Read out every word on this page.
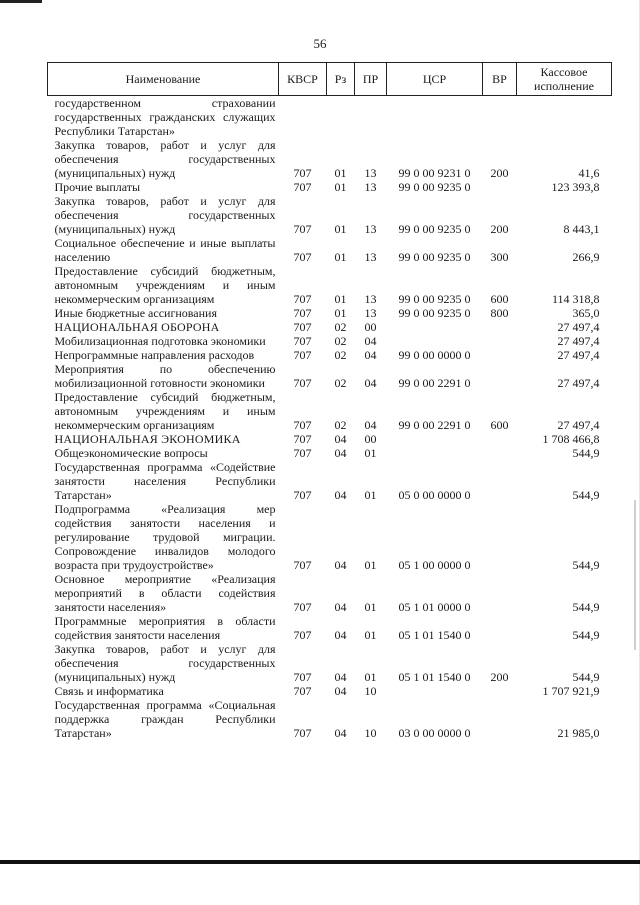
56
Наименование	КВСР	Рз	ПР	ЦСР	ВР	Кассовое исполнение
государственном страховании государственных гражданских служащих Республики Татарстан»						
Закупка товаров, работ и услуг для обеспечения государственных (муниципальных) нужд	707	01	13	99 0 00 9231 0	200	41,6
Прочие выплаты	707	01	13	99 0 00 9235 0		123 393,8
Закупка товаров, работ и услуг для обеспечения государственных (муниципальных) нужд	707	01	13	99 0 00 9235 0	200	8 443,1
Социальное обеспечение и иные выплаты населению	707	01	13	99 0 00 9235 0	300	266,9
Предоставление субсидий бюджетным, автономным учреждениям и иным некоммерческим организациям	707	01	13	99 0 00 9235 0	600	114 318,8
Иные бюджетные ассигнования	707	01	13	99 0 00 9235 0	800	365,0
НАЦИОНАЛЬНАЯ ОБОРОНА	707	02	00			27 497,4
Мобилизационная подготовка экономики	707	02	04			27 497,4
Непрограммные направления расходов	707	02	04	99 0 00 0000 0		27 497,4
Мероприятия по обеспечению мобилизационной готовности экономики	707	02	04	99 0 00 2291 0		27 497,4
Предоставление субсидий бюджетным, автономным учреждениям и иным некоммерческим организациям	707	02	04	99 0 00 2291 0	600	27 497,4
НАЦИОНАЛЬНАЯ ЭКОНОМИКА	707	04	00			1 708 466,8
Общеэкономические вопросы	707	04	01			544,9
Государственная программа «Содействие занятости населения Республики Татарстан»	707	04	01	05 0 00 0000 0		544,9
Подпрограмма «Реализация мер содействия занятости населения и регулирование трудовой миграции. Сопровождение инвалидов молодого возраста при трудоустройстве»	707	04	01	05 1 00 0000 0		544,9
Основное мероприятие «Реализация мероприятий в области содействия занятости населения»	707	04	01	05 1 01 0000 0		544,9
Программные мероприятия в области содействия занятости населения	707	04	01	05 1 01 1540 0		544,9
Закупка товаров, работ и услуг для обеспечения государственных (муниципальных) нужд	707	04	01	05 1 01 1540 0	200	544,9
Связь и информатика	707	04	10			1 707 921,9
Государственная программа «Социальная поддержка граждан Республики Татарстан»	707	04	10	03 0 00 0000 0		21 985,0
